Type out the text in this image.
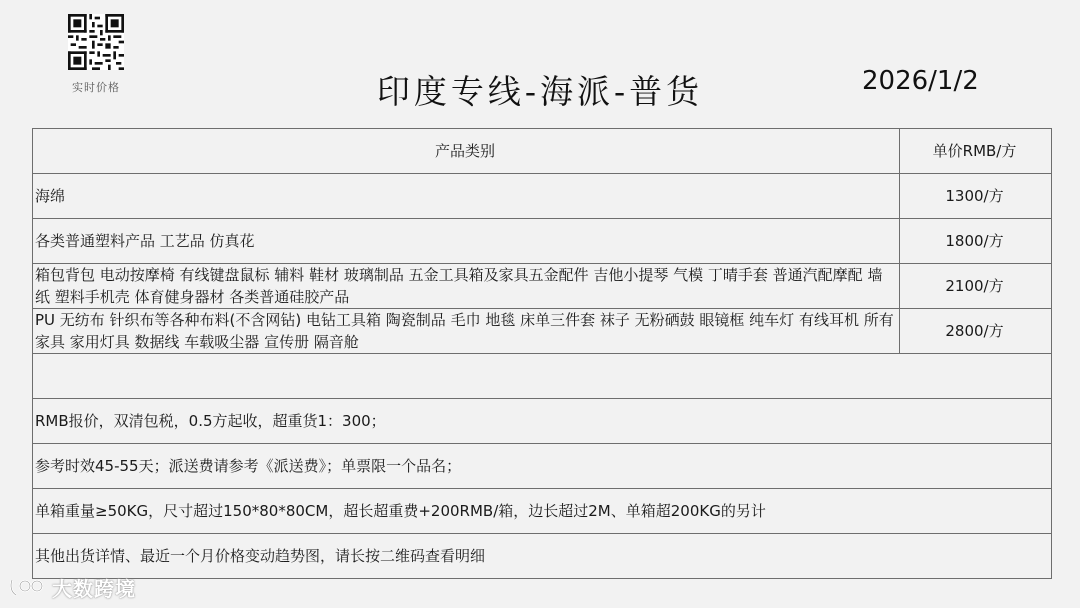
实时价格	印度专线-海派-普货	2026/1/2
产品类别	单价RMB/方
海绵	1300/方
各类普通塑料产品 工艺品 仿真花	1800/方
箱包背包 电动按摩椅 有线键盘鼠标 辅料 鞋材 玻璃制品 五金工具箱及家具五金配件 吉他小提琴 气模 丁晴手套 普通汽配摩配 墙纸 塑料手机壳 体育健身器材 各类普通硅胶产品	2100/方
PU 无纺布 针织布等各种布料(不含网钻) 电钻工具箱 陶瓷制品 毛巾 地毯 床单三件套 袜子 无粉硒鼓 眼镜框 纯车灯 有线耳机 所有家具 家用灯具 数据线 车载吸尘器 宣传册 隔音舱	2800/方

RMB报价，双清包税，0.5方起收，超重货1：300；	
参考时效45-55天；派送费请参考《派送费》；单票限一个品名；	
单箱重量≥50KG，尺寸超过150*80*80CM，超长超重费+200RMB/箱，边长超过2M、单箱超200KG的另计	
其他出货详情、最近一个月价格变动趋势图，请长按二维码查看明细	
大数跨境
